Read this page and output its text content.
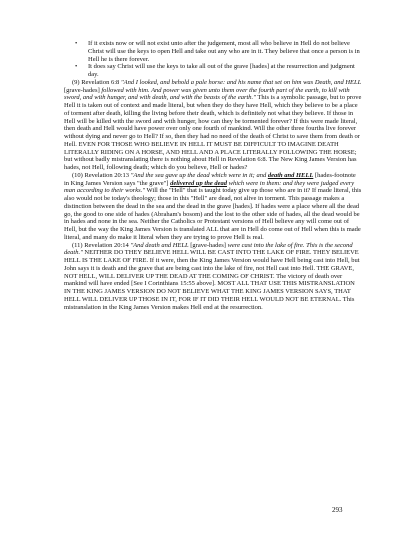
• If it exists now or will not exist unto after the judgement, most all who believe in Hell do not believe Christ will use the keys to open Hell and take out any who are in it. They believe that once a person is in Hell he is there forever.
• It does say Christ will use the keys to take all out of the grave [hades] at the resurrection and judgment day.

(9) Revelation 6:8 "And I looked, and behold a pale horse: and his name that set on him was Death, and HELL [grave-hades] followed with him. And power was given unto them over the fourth part of the earth, to kill with sword, and with hunger, and with death, and with the beasts of the earth." This is a symbolic passage, but to prove Hell it is taken out of context and made literal, but when they do they have Hell, which they believe to be a place of torment after death, killing the living before their death, which is definitely not what they believe. If those in Hell will be killed with the sword and with hunger, how can they be tormented forever? If this were made literal, then death and Hell would have power over only one fourth of mankind. Will the other three fourths live forever without dying and never go to Hell? If so, then they had no need of the death of Christ to save them from death or Hell. EVEN FOR THOSE WHO BELIEVE IN HELL IT MUST BE DIFFICULT TO IMAGINE DEATH LITERALLY RIDING ON A HORSE, AND HELL AND A PLACE LITERALLY FOLLOWING THE HORSE; but without badly mistranslating there is nothing about Hell in Revelation 6:8. The New King James Version has hades, not Hell, following death; which do you believe, Hell or hades?

(10) Revelation 20:13 "And the sea gave up the dead which were in it; and death and HELL [hades-footnote in King James Version says "the grave"] delivered up the dead which were in them: and they were judged every man according to their works." Will the "Hell" that is taught today give up those who are in it? If made literal, this also would not be today's theology; those in this "Hell" are dead, not alive in torment. This passage makes a distinction between the dead in the sea and the dead in the grave [hades]. If hades were a place where all the dead go, the good to one side of hades (Abraham's bosom) and the lost to the other side of hades, all the dead would be in hades and none in the sea. Neither the Catholics or Protestant versions of Hell believe any will come out of Hell, but the way the King James Version is translated ALL that are in Hell do come out of Hell when this is made literal, and many do make it literal when they are trying to prove Hell is real.

(11) Revelation 20:14 "And death and HELL [grave-hades] were cast into the lake of fire. This is the second death." NEITHER DO THEY BELIEVE HELL WILL BE CAST INTO THE LAKE OF FIRE. THEY BELIEVE HELL IS THE LAKE OF FIRE. If it were, then the King James Version would have Hell being cast into Hell, but John says it is death and the grave that are being cast into the lake of fire, not Hell cast into Hell. THE GRAVE, NOT HELL, WILL DELIVER UP THE DEAD AT THE COMING OF CHRIST. The victory of death over mankind will have ended [See I Corinthians 15:55 above]. MOST ALL THAT USE THIS MISTRANSLATION IN THE KING JAMES VERSION DO NOT BELIEVE WHAT THE KING JAMES VERSION SAYS, THAT HELL WILL DELIVER UP THOSE IN IT, FOR IF IT DID THEIR HELL WOULD NOT BE ETERNAL. This mistranslation in the King James Version makes Hell end at the resurrection.

293
